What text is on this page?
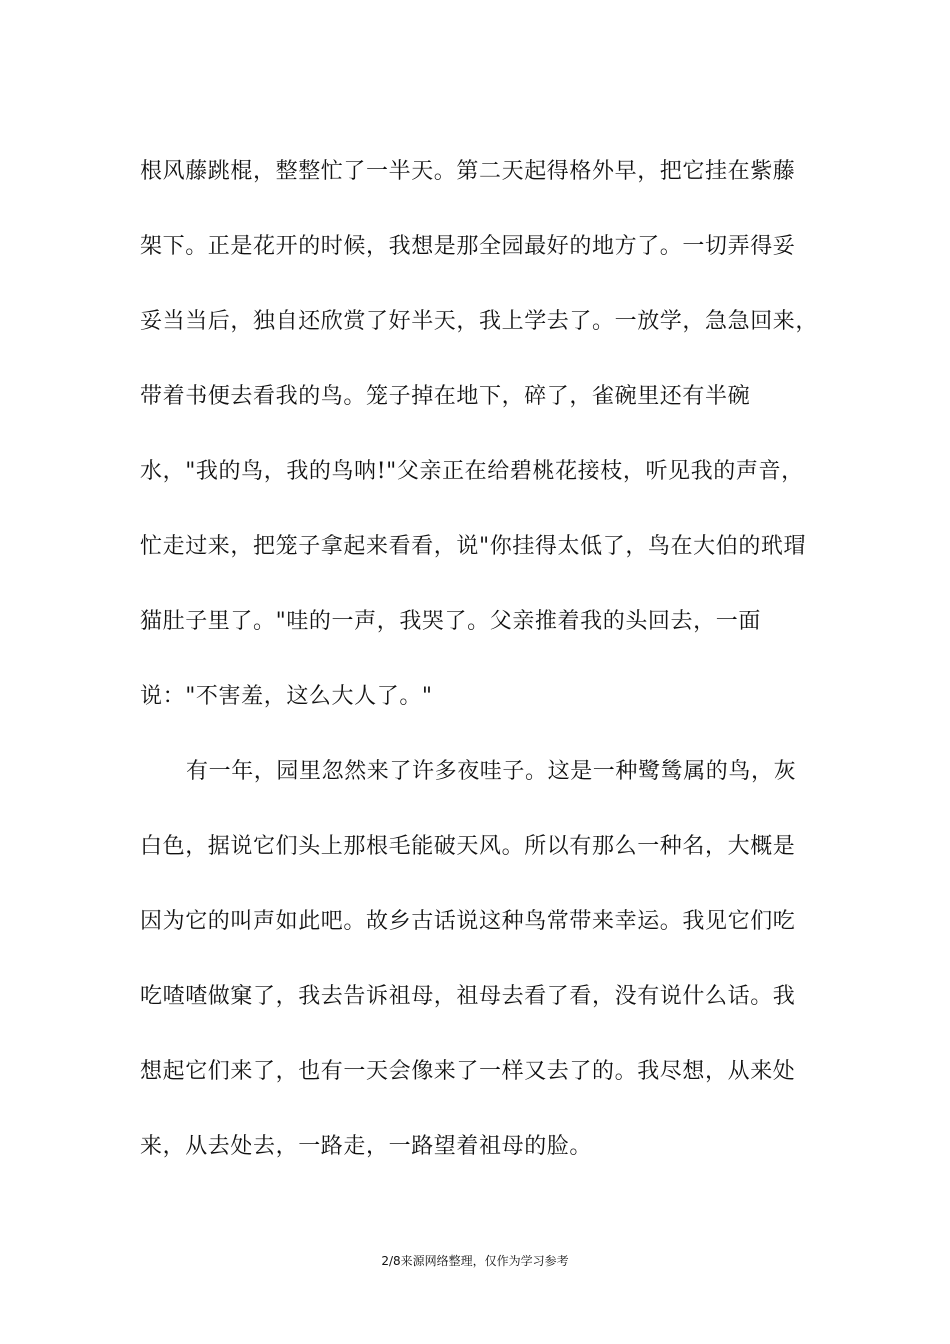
根风藤跳棍，整整忙了一半天。第二天起得格外早，把它挂在紫藤
架下。正是花开的时候，我想是那全园最好的地方了。一切弄得妥
妥当当后，独自还欣赏了好半天，我上学去了。一放学，急急回来，
带着书便去看我的鸟。笼子掉在地下，碎了，雀碗里还有半碗
水，"我的鸟，我的鸟呐!"父亲正在给碧桃花接枝，听见我的声音，
忙走过来，把笼子拿起来看看，说"你挂得太低了，鸟在大伯的玳瑁
猫肚子里了。"哇的一声，我哭了。父亲推着我的头回去，一面
说："不害羞，这么大人了。"
有一年，园里忽然来了许多夜哇子。这是一种鹭鸶属的鸟，灰
白色，据说它们头上那根毛能破天风。所以有那么一种名，大概是
因为它的叫声如此吧。故乡古话说这种鸟常带来幸运。我见它们吃
吃喳喳做窠了，我去告诉祖母，祖母去看了看，没有说什么话。我
想起它们来了，也有一天会像来了一样又去了的。我尽想，从来处
来，从去处去，一路走，一路望着祖母的脸。
2/8来源网络整理，仅作为学习参考
